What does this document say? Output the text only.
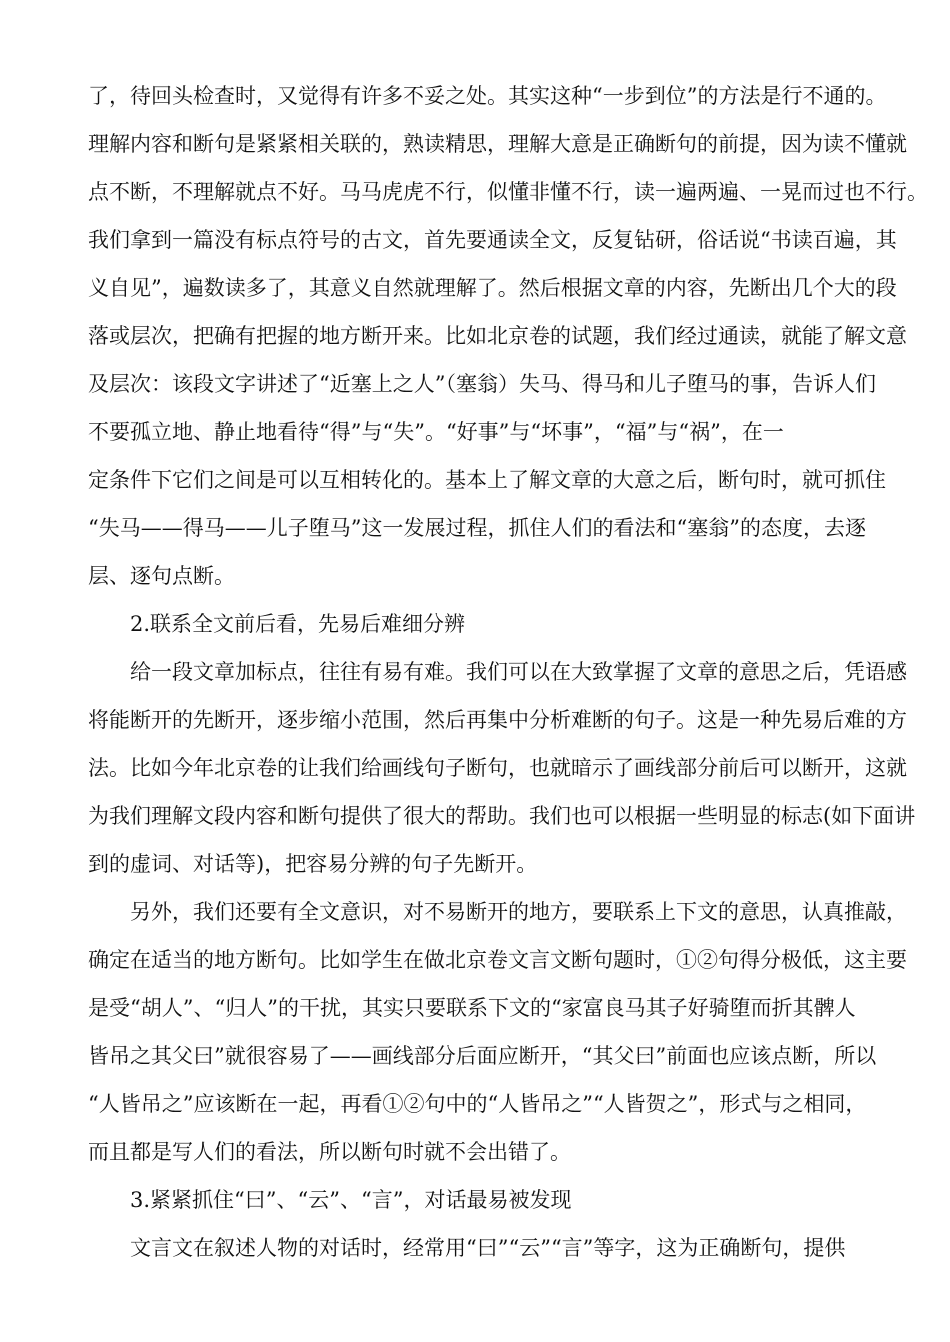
了，待回头检查时，又觉得有许多不妥之处。其实这种“一步到位”的方法是行不通的。
理解内容和断句是紧紧相关联的，熟读精思，理解大意是正确断句的前提，因为读不懂就
点不断，不理解就点不好。马马虎虎不行，似懂非懂不行，读一遍两遍、一晃而过也不行。
我们拿到一篇没有标点符号的古文，首先要通读全文，反复钻研，俗话说“书读百遍，其
义自见”，遍数读多了，其意义自然就理解了。然后根据文章的内容，先断出几个大的段
落或层次，把确有把握的地方断开来。比如北京卷的试题，我们经过通读，就能了解文意
及层次：该段文字讲述了“近塞上之人”（塞翁）失马、得马和儿子堕马的事，告诉人们
不要孤立地、静止地看待“得”与“失”。“好事”与“坏事”，“福”与“祸”，在一
定条件下它们之间是可以互相转化的。基本上了解文章的大意之后，断句时，就可抓住
“失马——得马——儿子堕马”这一发展过程，抓住人们的看法和“塞翁”的态度，去逐
层、逐句点断。
2.联系全文前后看，先易后难细分辨
给一段文章加标点，往往有易有难。我们可以在大致掌握了文章的意思之后，凭语感
将能断开的先断开，逐步缩小范围，然后再集中分析难断的句子。这是一种先易后难的方
法。比如今年北京卷的让我们给画线句子断句，也就暗示了画线部分前后可以断开，这就
为我们理解文段内容和断句提供了很大的帮助。我们也可以根据一些明显的标志(如下面讲
到的虚词、对话等)，把容易分辨的句子先断开。
另外，我们还要有全文意识，对不易断开的地方，要联系上下文的意思，认真推敲，
确定在适当的地方断句。比如学生在做北京卷文言文断句题时，①②句得分极低，这主要
是受“胡人”、“归人”的干扰，其实只要联系下文的“家富良马其子好骑堕而折其髀人
皆吊之其父曰”就很容易了——画线部分后面应断开，“其父曰”前面也应该点断，所以
“人皆吊之”应该断在一起，再看①②句中的“人皆吊之”“人皆贺之”，形式与之相同，
而且都是写人们的看法，所以断句时就不会出错了。
3.紧紧抓住“曰”、“云”、“言”，对话最易被发现
文言文在叙述人物的对话时，经常用“曰”“云”“言”等字，这为正确断句，提供
